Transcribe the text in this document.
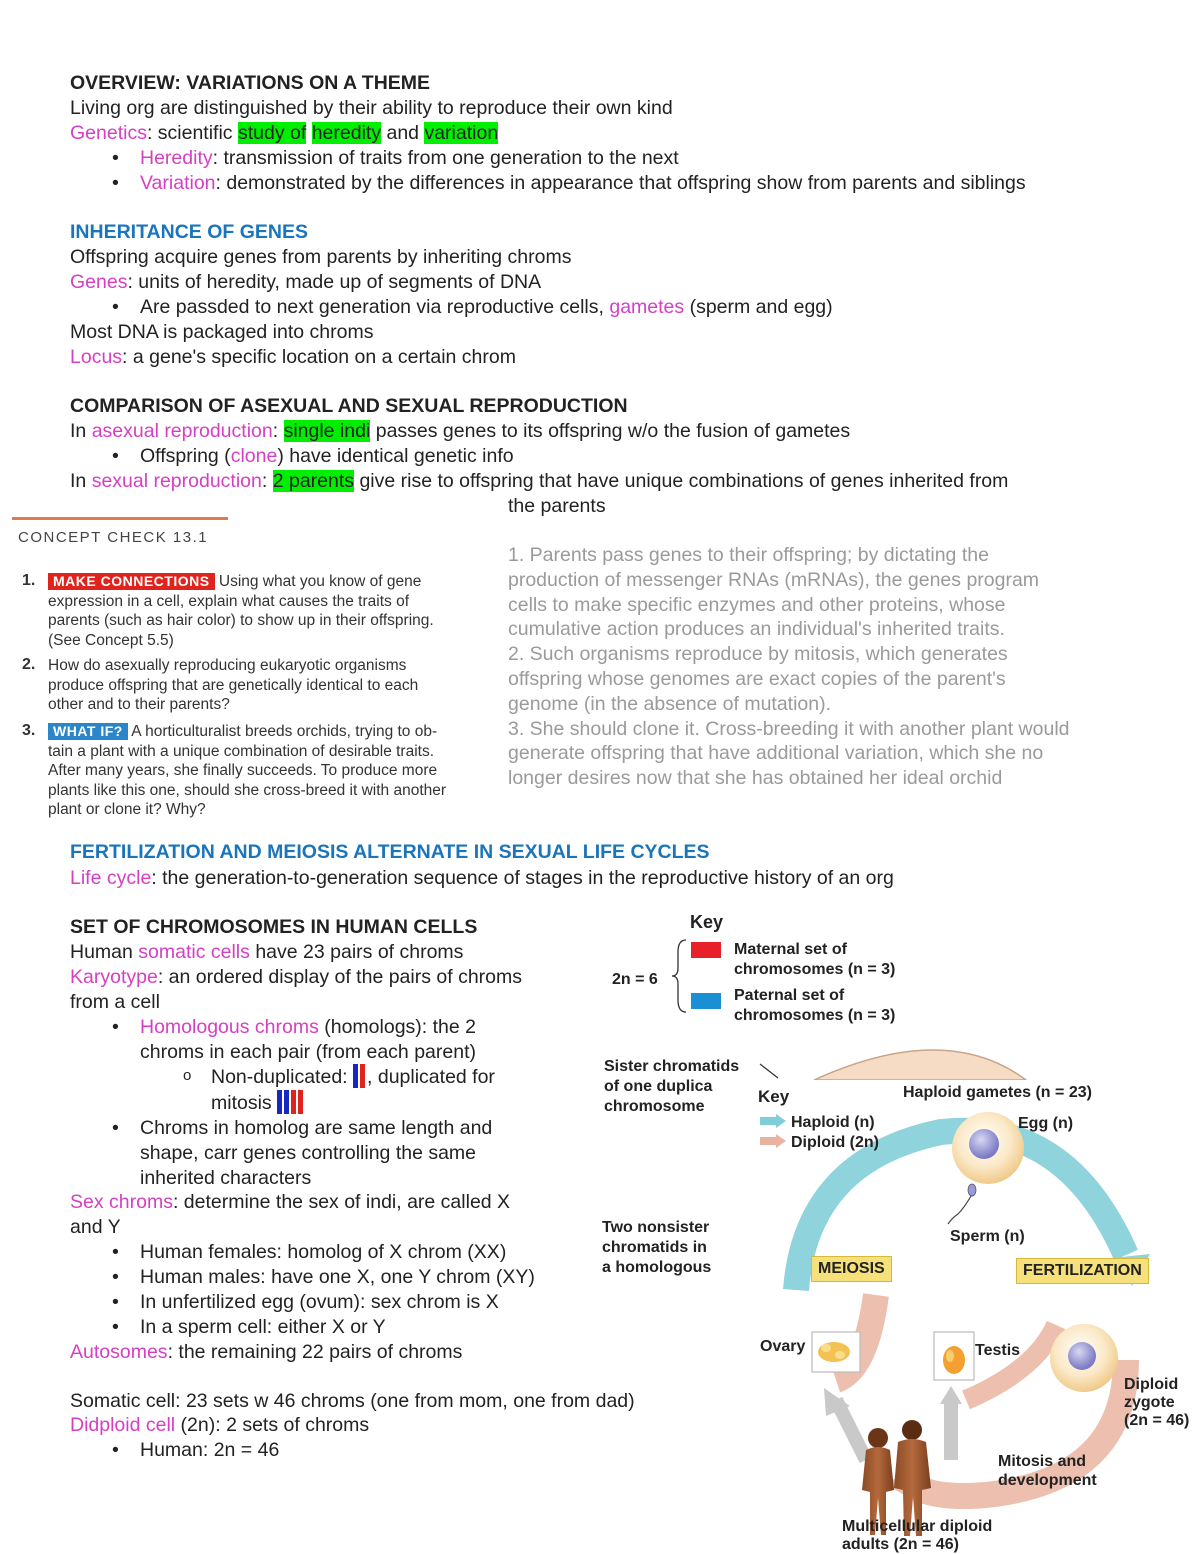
OVERVIEW: VARIATIONS ON A THEME
Living org are distinguished by their ability to reproduce their own kind
Genetics: scientific study of heredity and variation
• Heredity: transmission of traits from one generation to the next
• Variation: demonstrated by the differences in appearance that offspring show from parents and siblings
INHERITANCE OF GENES
Offspring acquire genes from parents by inheriting chroms
Genes: units of heredity, made up of segments of DNA
• Are passded to next generation via reproductive cells, gametes (sperm and egg)
Most DNA is packaged into chroms
Locus: a gene's specific location on a certain chrom
COMPARISON OF ASEXUAL AND SEXUAL REPRODUCTION
In asexual reproduction: single indi passes genes to its offspring w/o the fusion of gametes
• Offspring (clone) have identical genetic info
In sexual reproduction: 2 parents give rise to offspring that have unique combinations of genes inherited from
the parents
CONCEPT CHECK 13.1
1.	MAKE CONNECTIONS Using what you know of gene
expression in a cell, explain what causes the traits of
parents (such as hair color) to show up in their offspring.
(See Concept 5.5)
2. How do asexually reproducing eukaryotic organisms
produce offspring that are genetically identical to each
other and to their parents?
3.	WHAT IF? A horticulturalist breeds orchids, trying to ob-
tain a plant with a unique combination of desirable traits.
After many years, she finally succeeds. To produce more
plants like this one, should she cross-breed it with another
plant or clone it? Why?
1. Parents pass genes to their offspring; by dictating the
production of messenger RNAs (mRNAs), the genes program
cells to make specific enzymes and other proteins, whose
cumulative action produces an individual's inherited traits.
2. Such organisms reproduce by mitosis, which generates
offspring whose genomes are exact copies of the parent's
genome (in the absence of mutation).
3. She should clone it. Cross-breeding it with another plant would
generate offspring that have additional variation, which she no
longer desires now that she has obtained her ideal orchid
FERTILIZATION AND MEIOSIS ALTERNATE IN SEXUAL LIFE CYCLES
Life cycle: the generation-to-generation sequence of stages in the reproductive history of an org
SET OF CHROMOSOMES IN HUMAN CELLS
Human somatic cells have 23 pairs of chroms
Karyotype: an ordered display of the pairs of chroms
from a cell
• Homologous chroms (homologs): the 2
chroms in each pair (from each parent)
o Non-duplicated: , duplicated for
mitosis
• Chroms in homolog are same length and
shape, carr genes controlling the same
inherited characters
Sex chroms: determine the sex of indi, are called X
and Y
• Human females: homolog of X chrom (XX)
• Human males: have one X, one Y chrom (XY)
• In unfertilized egg (ovum): sex chrom is X
• In a sperm cell: either X or Y
Autosomes: the remaining 22 pairs of chroms
Somatic cell: 23 sets w 46 chroms (one from mom, one from dad)
Didploid cell (2n): 2 sets of chroms
• Human: 2n = 46
Key
2n = 6
Maternal set of
chromosomes (n = 3)
Paternal set of
chromosomes (n = 3)
Sister chromatids
of one duplica
chromosome
Two nonsister
chromatids in
a homologous
Key
Haploid (n)
Diploid (2n)
Haploid gametes (n = 23)
Egg (n)
Sperm (n)
MEIOSIS	FERTILIZATION
Ovary	Testis
Diploid
zygote
(2n = 46)
Mitosis and
development
Multicellular diploid
adults (2n = 46)
